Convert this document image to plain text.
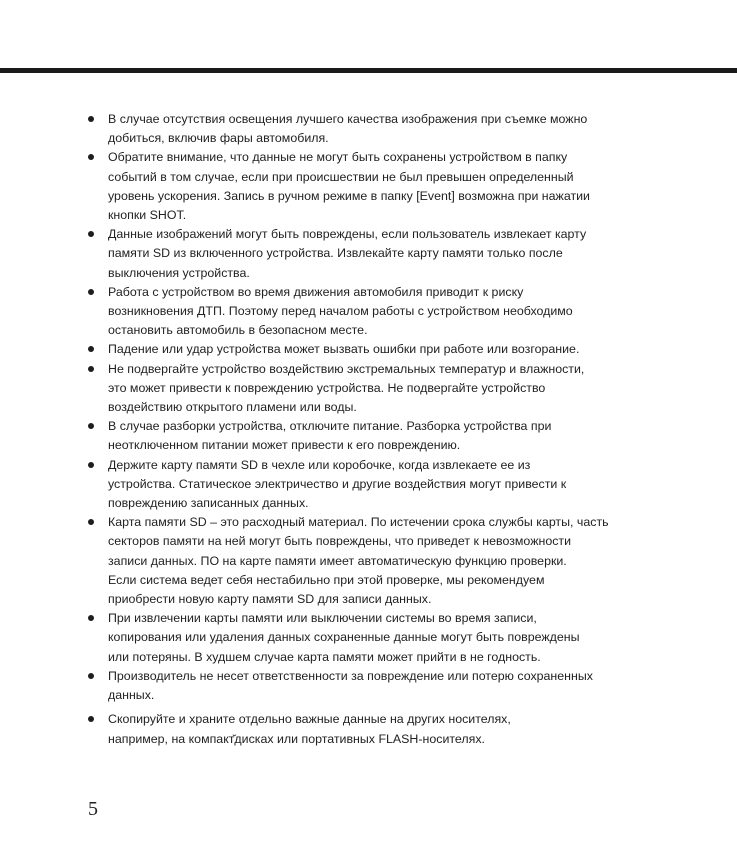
В случае отсутствия освещения лучшего качества изображения при съемке можно
добиться, включив фары автомобиля.
Обратите внимание, что данные не могут быть сохранены устройством в папку
событий в том случае, если при происшествии не был превышен определенный
уровень ускорения. Запись в ручном режиме в папку [Event] возможна при нажатии
кнопки SHOT.
Данные изображений могут быть повреждены, если пользователь извлекает карту
памяти SD из включенного устройства. Извлекайте карту памяти только после
выключения устройства.
Работа с устройством во время движения автомобиля приводит к риску
возникновения ДТП. Поэтому перед началом работы с устройством необходимо
остановить автомобиль в безопасном месте.
Падение или удар устройства может вызвать ошибки при работе или возгорание.
Не подвергайте устройство воздействию экстремальных температур и влажности,
это может привести к повреждению устройства. Не подвергайте устройство
воздействию открытого пламени или воды.
В случае разборки устройства, отключите питание. Разборка устройства при
неотключенном питании может привести к его повреждению.
Держите карту памяти SD в чехле или коробочке, когда извлекаете ее из
устройства. Статическое электричество и другие воздействия могут привести к
повреждению записанных данных.
Карта памяти SD – это расходный материал. По истечении срока службы карты, часть
секторов памяти на ней могут быть повреждены, что приведет к невозможности
записи данных. ПО на карте памяти имеет автоматическую функцию проверки.
Если система ведет себя нестабильно при этой проверке, мы рекомендуем
приобрести новую карту памяти SD для записи данных.
При извлечении карты памяти или выключении системы во время записи,
копирования или удаления данных сохраненные данные могут быть повреждены
или потеряны. В худшем случае карта памяти может прийти в не годность.
Производитель не несет ответственности за повреждение или потерю сохраненных
данных.
Скопируйте и храните отдельно важные данные на других носителях,
например, на компакт̆дисках или портативных FLASH-носителях.
5
